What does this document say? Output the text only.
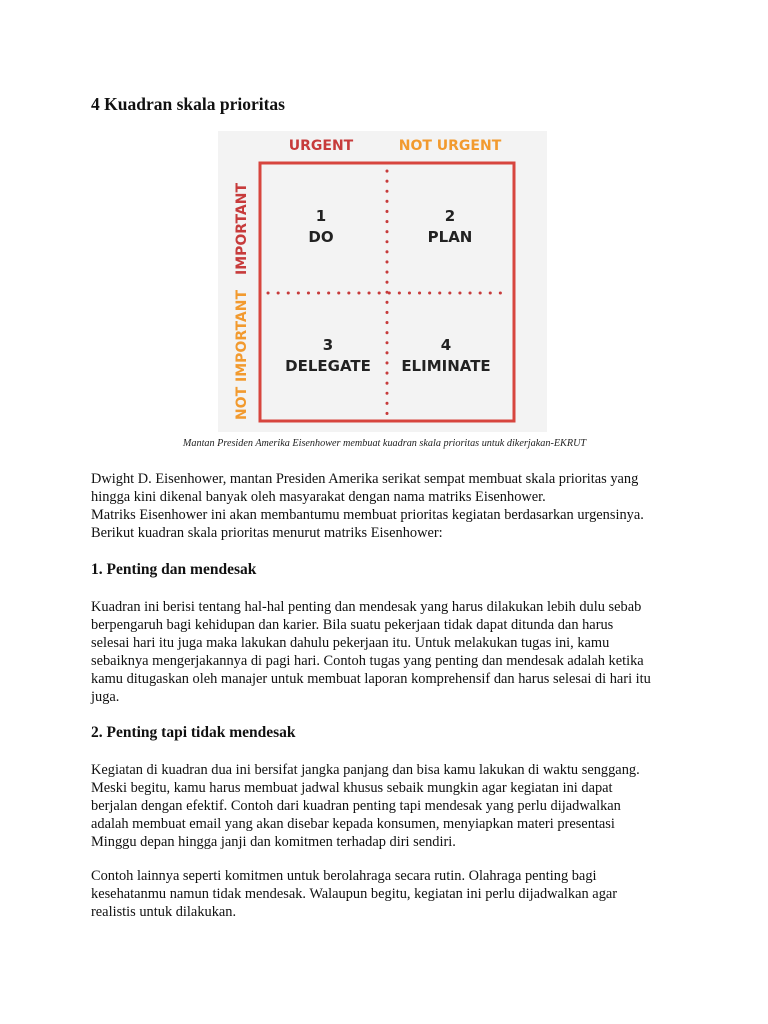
4 Kuadran skala prioritas
URGENT	NOT URGENT
IMPORTANT
NOT IMPORTANT
1
DO
2
PLAN
3
DELEGATE
4
ELIMINATE
Mantan Presiden Amerika Eisenhower membuat kuadran skala prioritas untuk dikerjakan-EKRUT

Dwight D. Eisenhower, mantan Presiden Amerika serikat sempat membuat skala prioritas yang
hingga kini dikenal banyak oleh masyarakat dengan nama matriks Eisenhower.
Matriks Eisenhower ini akan membantumu membuat prioritas kegiatan berdasarkan urgensinya.
Berikut kuadran skala prioritas menurut matriks Eisenhower:

1. Penting dan mendesak

Kuadran ini berisi tentang hal-hal penting dan mendesak yang harus dilakukan lebih dulu sebab
berpengaruh bagi kehidupan dan karier. Bila suatu pekerjaan tidak dapat ditunda dan harus
selesai hari itu juga maka lakukan dahulu pekerjaan itu. Untuk melakukan tugas ini, kamu
sebaiknya mengerjakannya di pagi hari. Contoh tugas yang penting dan mendesak adalah ketika
kamu ditugaskan oleh manajer untuk membuat laporan komprehensif dan harus selesai di hari itu
juga.

2. Penting tapi tidak mendesak

Kegiatan di kuadran dua ini bersifat jangka panjang dan bisa kamu lakukan di waktu senggang.
Meski begitu, kamu harus membuat jadwal khusus sebaik mungkin agar kegiatan ini dapat
berjalan dengan efektif. Contoh dari kuadran penting tapi mendesak yang perlu dijadwalkan
adalah membuat email yang akan disebar kepada konsumen, menyiapkan materi presentasi
Minggu depan hingga janji dan komitmen terhadap diri sendiri.

Contoh lainnya seperti komitmen untuk berolahraga secara rutin. Olahraga penting bagi
kesehatanmu namun tidak mendesak. Walaupun begitu, kegiatan ini perlu dijadwalkan agar
realistis untuk dilakukan.
